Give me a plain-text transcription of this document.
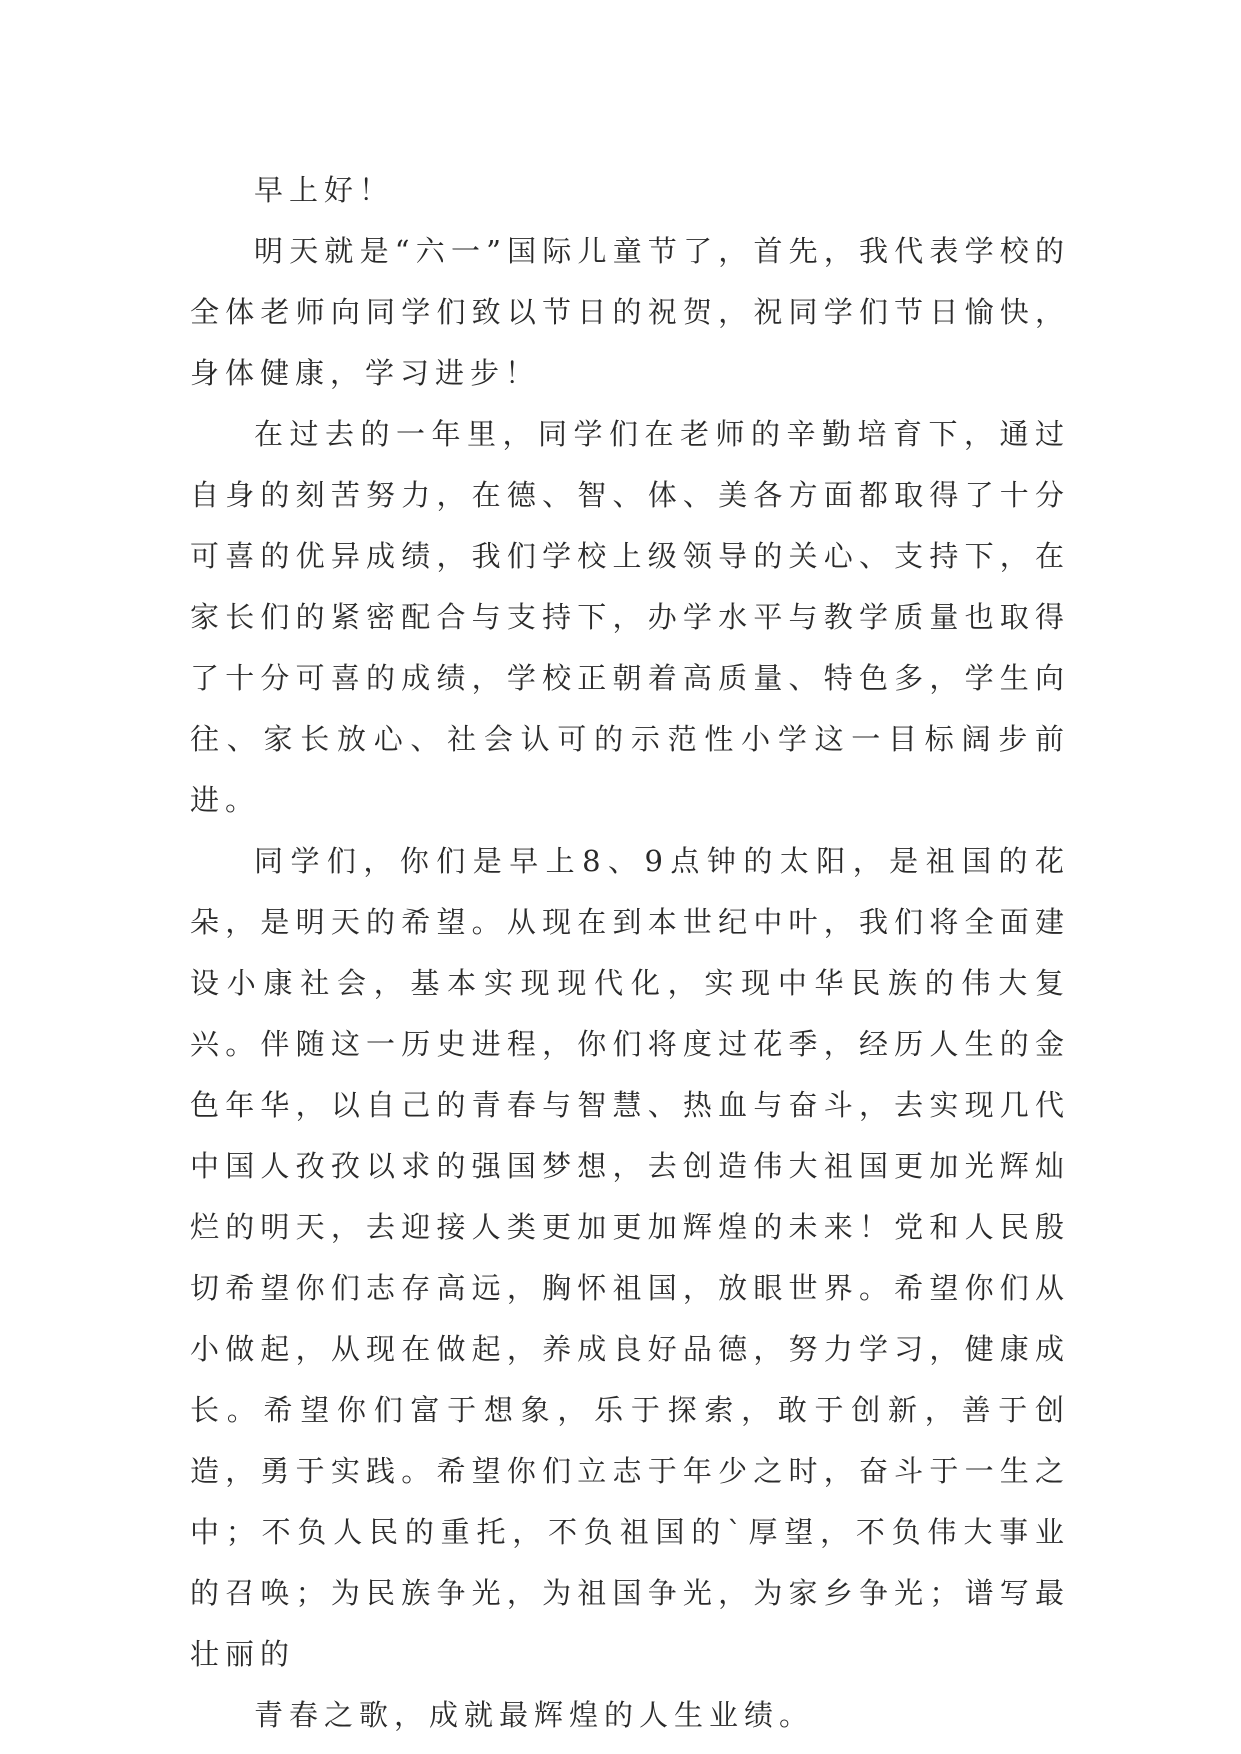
早上好！

明天就是“六一”国际儿童节了，首先，我代表学校的全体老师向同学们致以节日的祝贺，祝同学们节日愉快，身体健康，学习进步！

在过去的一年里，同学们在老师的辛勤培育下，通过自身的刻苦努力，在德、智、体、美各方面都取得了十分可喜的优异成绩，我们学校上级领导的关心、支持下，在家长们的紧密配合与支持下，办学水平与教学质量也取得了十分可喜的成绩，学校正朝着高质量、特色多，学生向往、家长放心、社会认可的示范性小学这一目标阔步前进。

同学们，你们是早上8、9点钟的太阳，是祖国的花朵，是明天的希望。从现在到本世纪中叶，我们将全面建设小康社会，基本实现现代化，实现中华民族的伟大复兴。伴随这一历史进程，你们将度过花季，经历人生的金色年华，以自己的青春与智慧、热血与奋斗，去实现几代中国人孜孜以求的强国梦想，去创造伟大祖国更加光辉灿烂的明天，去迎接人类更加更加辉煌的未来！党和人民殷切希望你们志存高远，胸怀祖国，放眼世界。希望你们从小做起，从现在做起，养成良好品德，努力学习，健康成长。希望你们富于想象，乐于探索，敢于创新，善于创造，勇于实践。希望你们立志于年少之时，奋斗于一生之中；不负人民的重托，不负祖国的`厚望，不负伟大事业的召唤；为民族争光，为祖国争光，为家乡争光；谱写最壮丽的

青春之歌，成就最辉煌的人生业绩。
